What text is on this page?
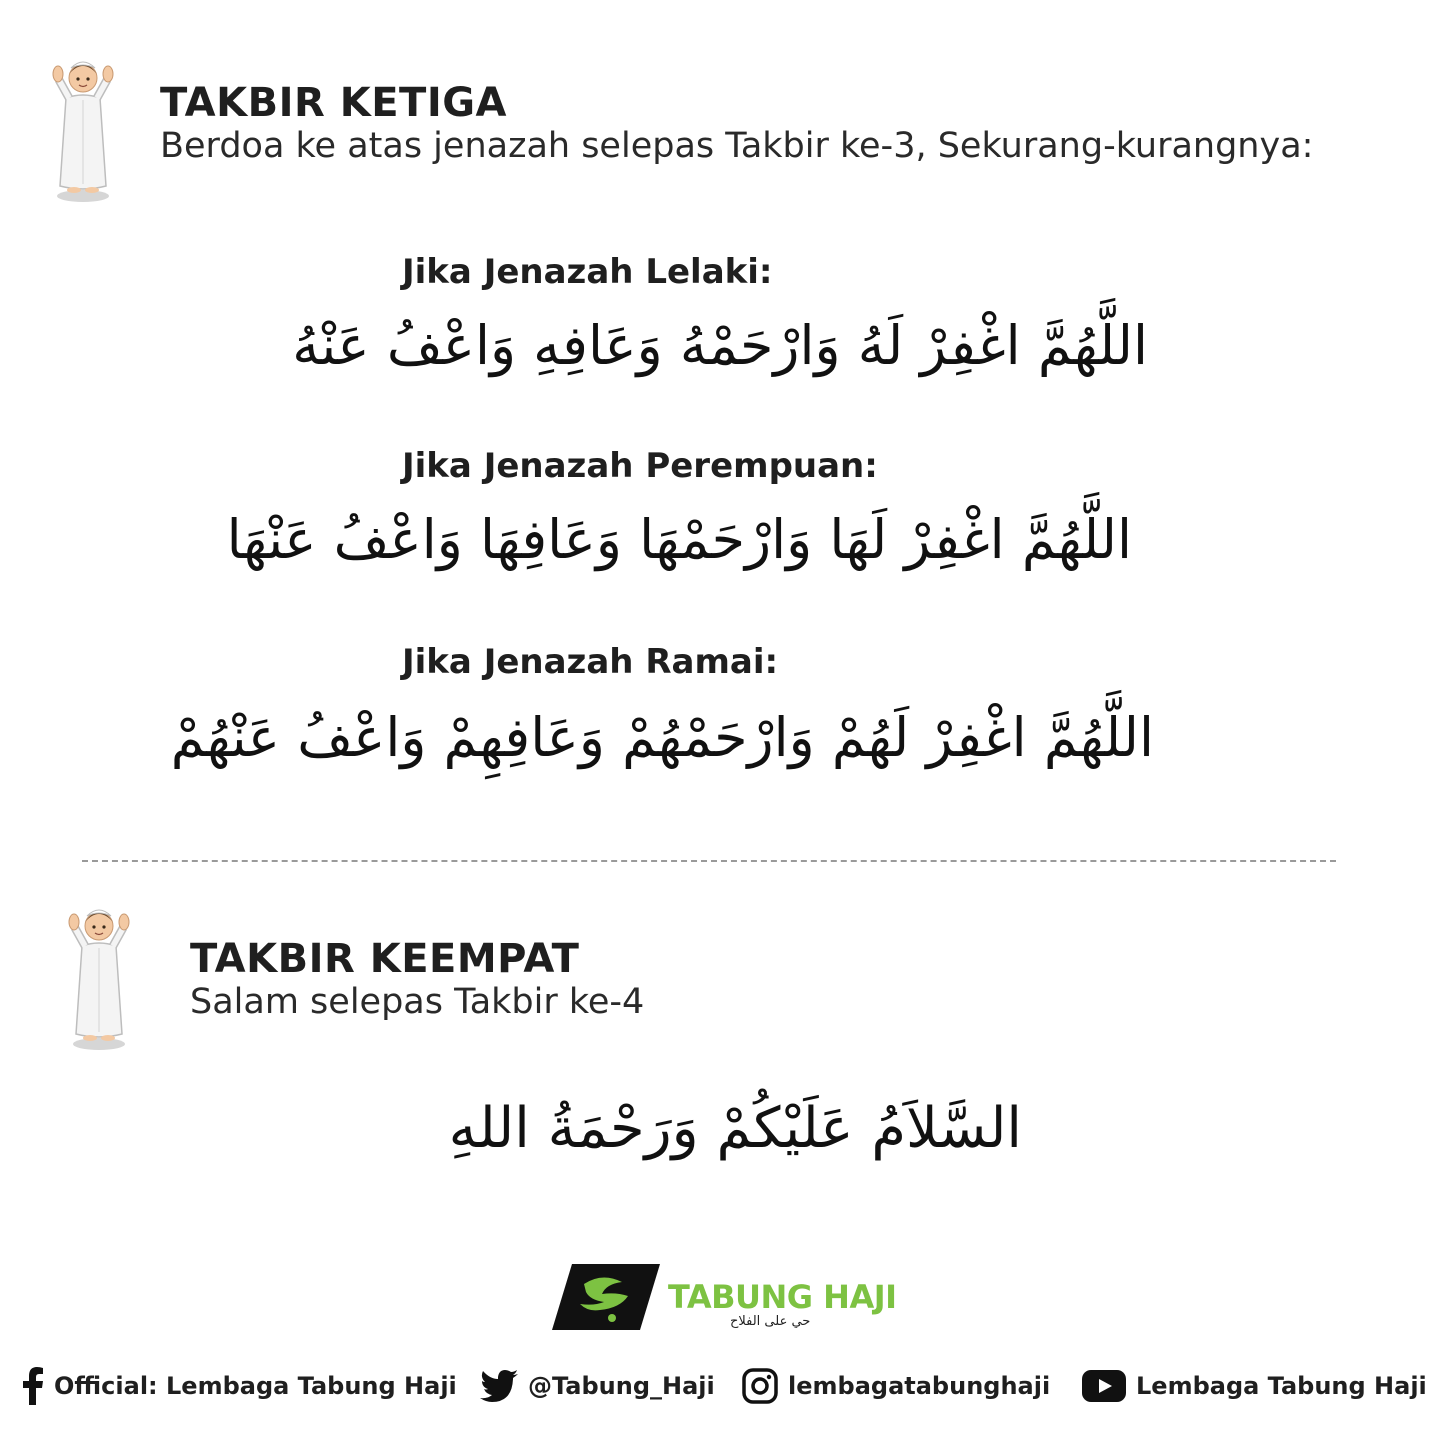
TAKBIR KETIGA
Berdoa ke atas jenazah selepas Takbir ke-3, Sekurang-kurangnya:
Jika Jenazah Lelaki:
اللَّهُمَّ اغْفِرْ لَهُ وَارْحَمْهُ وَعَافِهِ وَاعْفُ عَنْهُ
Jika Jenazah Perempuan:
اللَّهُمَّ اغْفِرْ لَهَا وَارْحَمْهَا وَعَافِهَا وَاعْفُ عَنْهَا
Jika Jenazah Ramai:
اللَّهُمَّ اغْفِرْ لَهُمْ وَارْحَمْهُمْ وَعَافِهِمْ وَاعْفُ عَنْهُمْ
TAKBIR KEEMPAT
Salam selepas Takbir ke-4
السَّلاَمُ عَلَيْكُمْ وَرَحْمَةُ اللهِ
TABUNG HAJI
حي على الفلاح
Official: Lembaga Tabung Haji	@Tabung_Haji	lembagatabunghaji	Lembaga Tabung Haji
